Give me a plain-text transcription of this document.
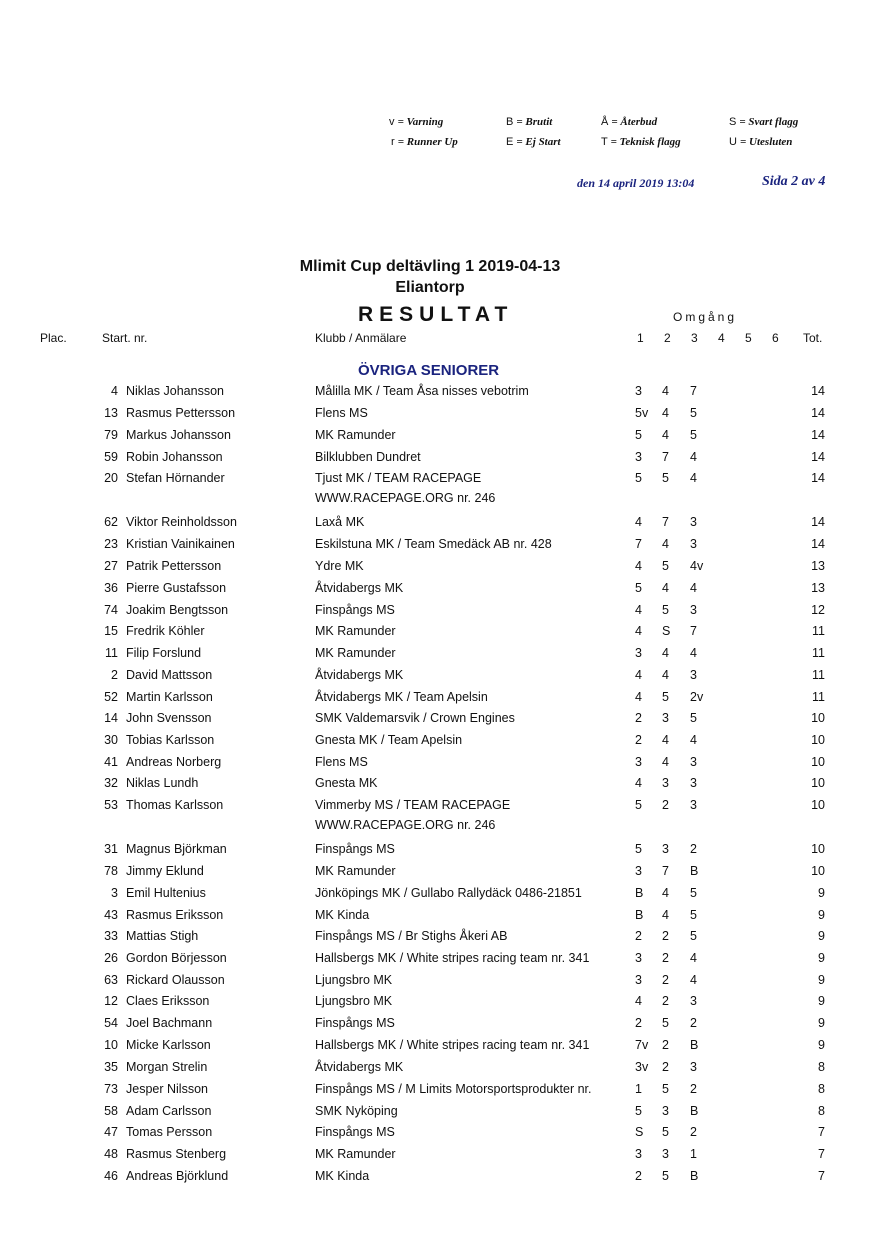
v = Varning	B = Brutit	Å = Återbud	S = Svart flagg
r = Runner Up	E = Ej Start	T = Teknisk flagg	U = Utesluten
den 14 april 2019 13:04	Sida 2 av 4
Mlimit Cup deltävling 1 2019-04-13
Eliantorp
RESULTAT	Omgång
Plac.	Start. nr.	Klubb / Anmälare	1 2 3 4 5 6 Tot.
ÖVRIGA SENIORER
4 Niklas Johansson	Målilla MK / Team Åsa nisses vebotrim	3 4 7	14
13 Rasmus Pettersson	Flens MS	5v 4 5	14
79 Markus Johansson	MK Ramunder	5 4 5	14
59 Robin Johansson	Bilklubben Dundret	3 7 4	14
20 Stefan Hörnander	Tjust MK / TEAM RACEPAGE	5 5 4	14
WWW.RACEPAGE.ORG nr. 246
62 Viktor Reinholdsson	Laxå MK	4 7 3	14
23 Kristian Vainikainen	Eskilstuna MK / Team Smedäck AB nr. 428	7 4 3	14
27 Patrik Pettersson	Ydre MK	4 5 4v	13
36 Pierre Gustafsson	Åtvidabergs MK	5 4 4	13
74 Joakim Bengtsson	Finspångs MS	4 5 3	12
15 Fredrik Köhler	MK Ramunder	4 S 7	11
11 Filip Forslund	MK Ramunder	3 4 4	11
2 David Mattsson	Åtvidabergs MK	4 4 3	11
52 Martin Karlsson	Åtvidabergs MK / Team Apelsin	4 5 2v	11
14 John Svensson	SMK Valdemarsvik / Crown Engines	2 3 5	10
30 Tobias Karlsson	Gnesta MK / Team Apelsin	2 4 4	10
41 Andreas Norberg	Flens MS	3 4 3	10
32 Niklas Lundh	Gnesta MK	4 3 3	10
53 Thomas Karlsson	Vimmerby MS / TEAM RACEPAGE	5 2 3	10
WWW.RACEPAGE.ORG nr. 246
31 Magnus Björkman	Finspångs MS	5 3 2	10
78 Jimmy Eklund	MK Ramunder	3 7 B	10
3 Emil Hultenius	Jönköpings MK / Gullabo Rallydäck 0486-21851	B 4 5	9
43 Rasmus Eriksson	MK Kinda	B 4 5	9
33 Mattias Stigh	Finspångs MS / Br Stighs Åkeri AB	2 2 5	9
26 Gordon Börjesson	Hallsbergs MK / White stripes racing team nr. 341	3 2 4	9
63 Rickard Olausson	Ljungsbro MK	3 2 4	9
12 Claes Eriksson	Ljungsbro MK	4 2 3	9
54 Joel Bachmann	Finspångs MS	2 5 2	9
10 Micke Karlsson	Hallsbergs MK / White stripes racing team nr. 341	7v 2 B	9
35 Morgan Strelin	Åtvidabergs MK	3v 2 3	8
73 Jesper Nilsson	Finspångs MS / M Limits Motorsportsprodukter nr.	1 5 2	8
58 Adam Carlsson	SMK Nyköping	5 3 B	8
47 Tomas Persson	Finspångs MS	S 5 2	7
48 Rasmus Stenberg	MK Ramunder	3 3 1	7
46 Andreas Björklund	MK Kinda	2 5 B	7
